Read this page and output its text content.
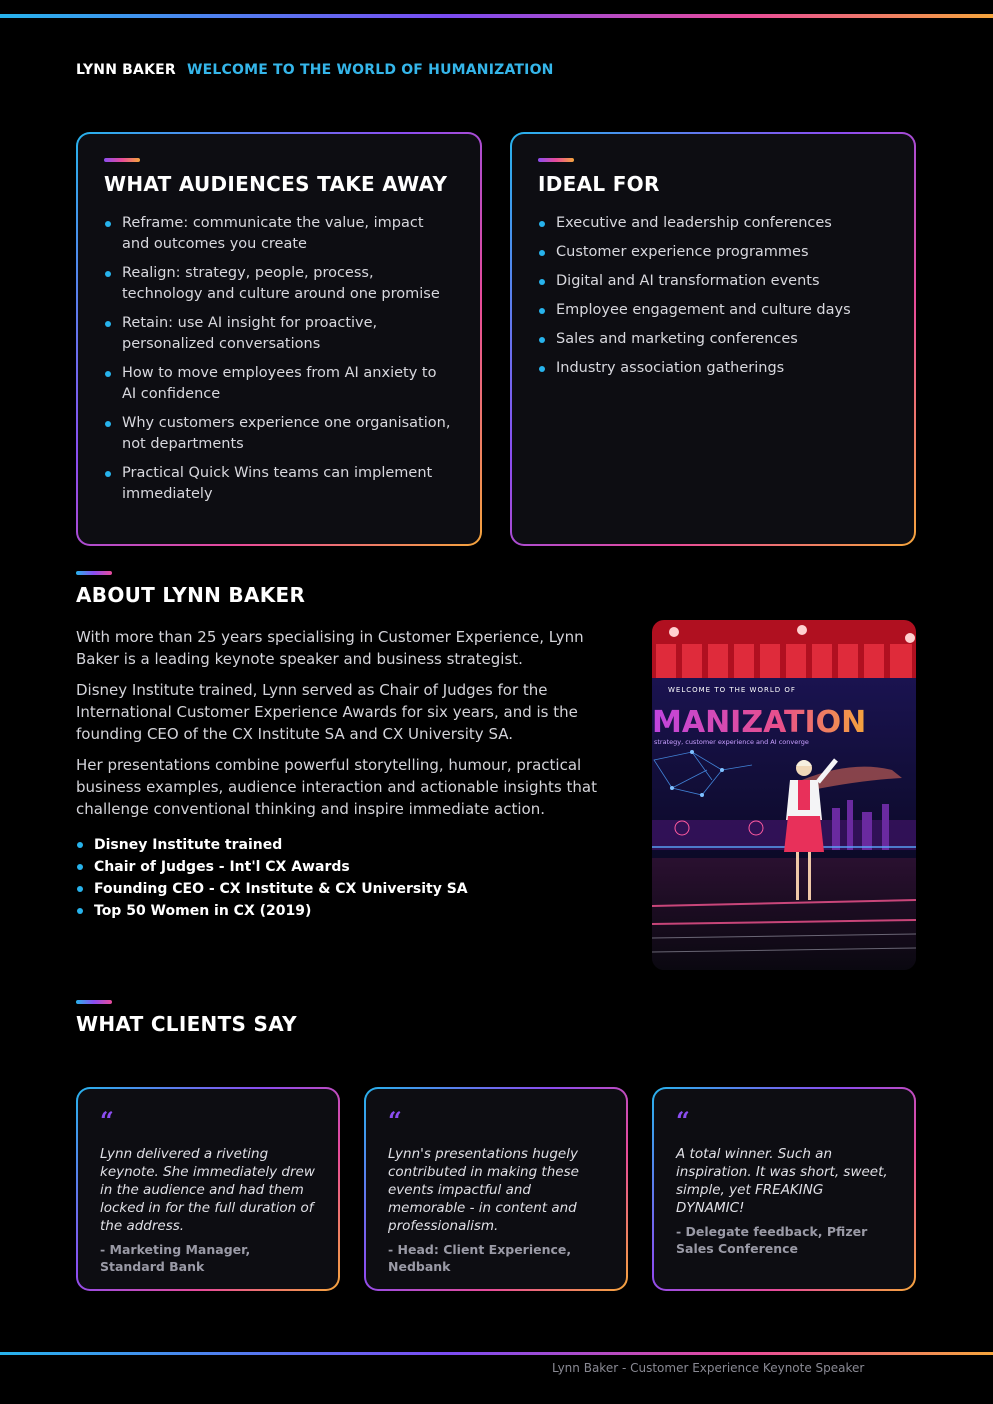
LYNN BAKER WELCOME TO THE WORLD OF HUMANIZATION
WHAT AUDIENCES TAKE AWAY
Reframe: communicate the value, impact and outcomes you create
Realign: strategy, people, process, technology and culture around one promise
Retain: use AI insight for proactive, personalized conversations
How to move employees from AI anxiety to AI confidence
Why customers experience one organisation, not departments
Practical Quick Wins teams can implement immediately
IDEAL FOR
Executive and leadership conferences
Customer experience programmes
Digital and AI transformation events
Employee engagement and culture days
Sales and marketing conferences
Industry association gatherings
ABOUT LYNN BAKER

With more than 25 years specialising in Customer Experience, Lynn Baker is a leading keynote speaker and business strategist.

Disney Institute trained, Lynn served as Chair of Judges for the International Customer Experience Awards for six years, and is the founding CEO of the CX Institute SA and CX University SA.

Her presentations combine powerful storytelling, humour, practical business examples, audience interaction and actionable insights that challenge conventional thinking and inspire immediate action.

Disney Institute trained
Chair of Judges - Int'l CX Awards
Founding CEO - CX Institute & CX University SA
Top 50 Women in CX (2019)
WELCOME TO THE WORLD OF
MANIZATION
strategy, customer experience and AI converge
WHAT CLIENTS SAY
“
Lynn delivered a riveting keynote. She immediately drew in the audience and had them locked in for the full duration of the address.
- Marketing Manager, Standard Bank
“
Lynn's presentations hugely contributed in making these events impactful and memorable - in content and professionalism.
- Head: Client Experience, Nedbank
“
A total winner. Such an inspiration. It was short, sweet, simple, yet FREAKING DYNAMIC!
- Delegate feedback, Pfizer Sales Conference
Lynn Baker - Customer Experience Keynote Speaker
